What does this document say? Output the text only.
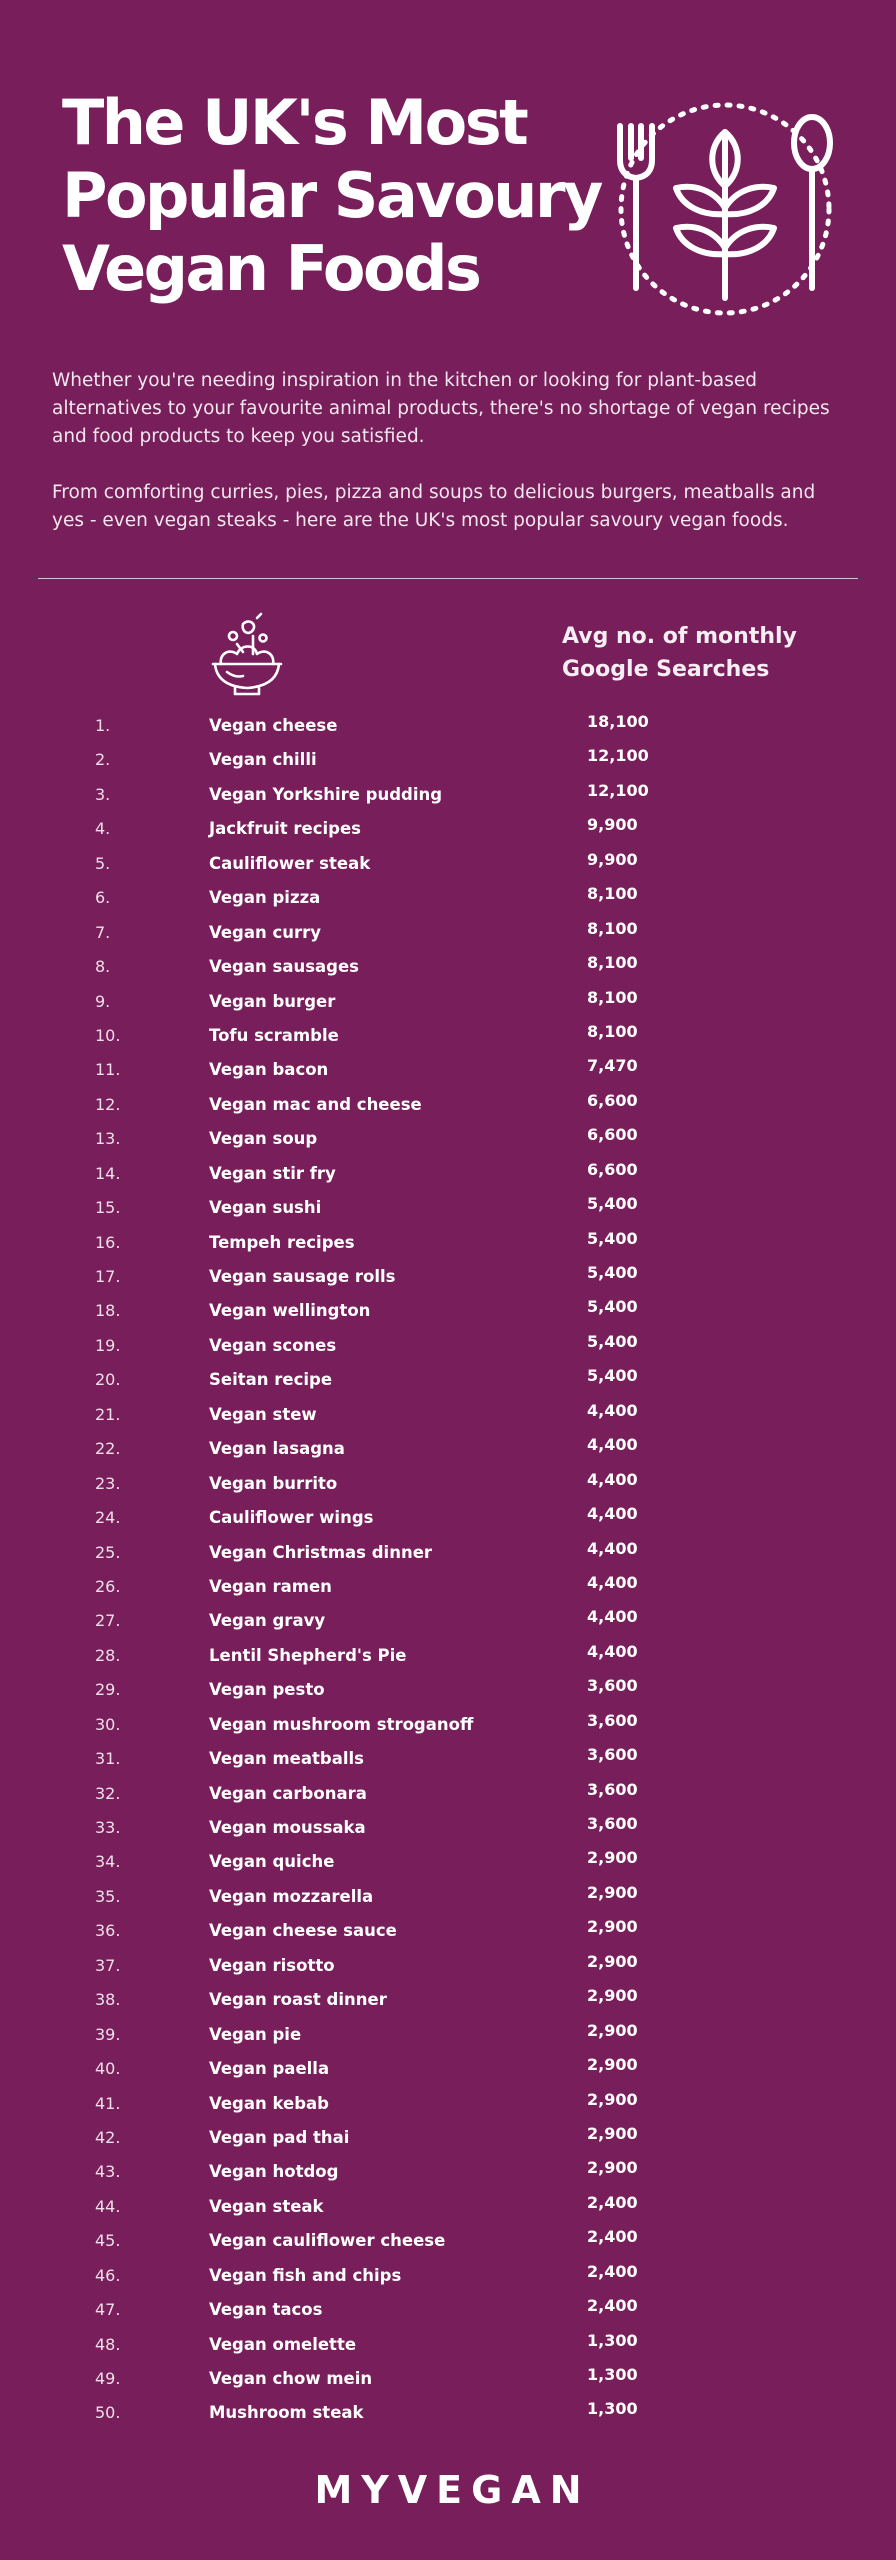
The UK's Most
Popular Savoury
Vegan Foods

Whether you're needing inspiration in the kitchen or looking for plant-based alternatives to your favourite animal products, there's no shortage of vegan recipes and food products to keep you satisfied.

From comforting curries, pies, pizza and soups to delicious burgers, meatballs and yes - even vegan steaks - here are the UK's most popular savoury vegan foods.

Avg no. of monthly
Google Searches
1.	Vegan cheese	18,100
2.	Vegan chilli	12,100
3.	Vegan Yorkshire pudding	12,100
4.	Jackfruit recipes	9,900
5.	Cauliflower steak	9,900
6.	Vegan pizza	8,100
7.	Vegan curry	8,100
8.	Vegan sausages	8,100
9.	Vegan burger	8,100
10.	Tofu scramble	8,100
11.	Vegan bacon	7,470
12.	Vegan mac and cheese	6,600
13.	Vegan soup	6,600
14.	Vegan stir fry	6,600
15.	Vegan sushi	5,400
16.	Tempeh recipes	5,400
17.	Vegan sausage rolls	5,400
18.	Vegan wellington	5,400
19.	Vegan scones	5,400
20.	Seitan recipe	5,400
21.	Vegan stew	4,400
22.	Vegan lasagna	4,400
23.	Vegan burrito	4,400
24.	Cauliflower wings	4,400
25.	Vegan Christmas dinner	4,400
26.	Vegan ramen	4,400
27.	Vegan gravy	4,400
28.	Lentil Shepherd's Pie	4,400
29.	Vegan pesto	3,600
30.	Vegan mushroom stroganoff	3,600
31.	Vegan meatballs	3,600
32.	Vegan carbonara	3,600
33.	Vegan moussaka	3,600
34.	Vegan quiche	2,900
35.	Vegan mozzarella	2,900
36.	Vegan cheese sauce	2,900
37.	Vegan risotto	2,900
38.	Vegan roast dinner	2,900
39.	Vegan pie	2,900
40.	Vegan paella	2,900
41.	Vegan kebab	2,900
42.	Vegan pad thai	2,900
43.	Vegan hotdog	2,900
44.	Vegan steak	2,400
45.	Vegan cauliflower cheese	2,400
46.	Vegan fish and chips	2,400
47.	Vegan tacos	2,400
48.	Vegan omelette	1,300
49.	Vegan chow mein	1,300
50.	Mushroom steak	1,300
MYVEGAN
